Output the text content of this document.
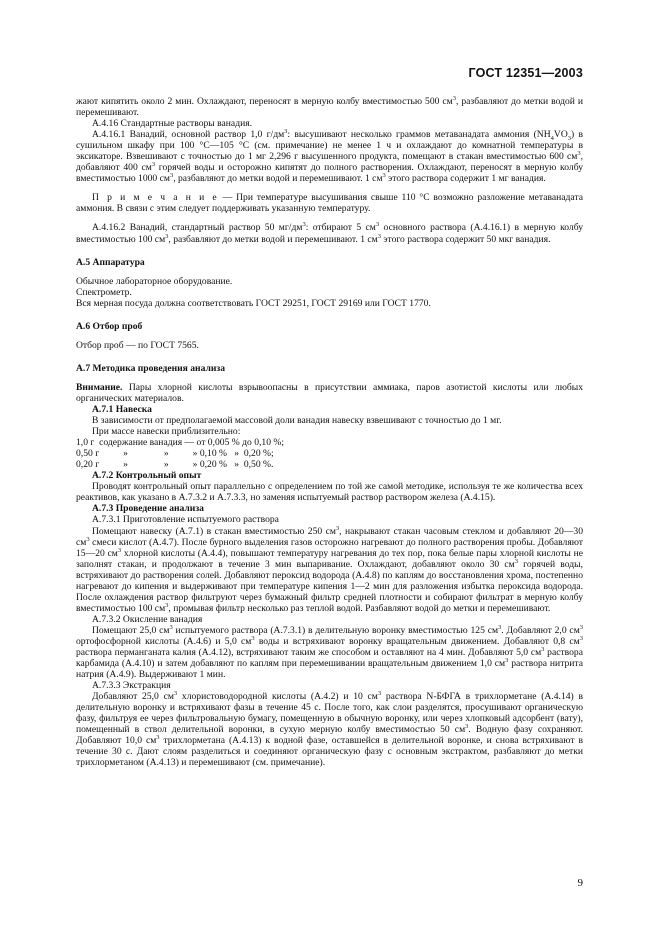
ГОСТ 12351—2003

жают кипятить около 2 мин. Охлаждают, переносят в мерную колбу вместимостью 500 $см^3$, разбавляют до метки водой и перемешивают.

А.4.16 Стандартные растворы ванадия.

А.4.16.1 Ванадий, основной раствор 1,0 $г/дм^3$: высушивают несколько граммов метаванадата аммония $(NH_4VO_3)$ в сушильном шкафу при 100 °С—105 °С (см. примечание) не менее 1 ч и охлаждают до комнатной температуры в эксикаторе. Взвешивают с точностью до 1 мг 2,296 г высушенного продукта, помещают в стакан вместимостью 600 $см^3$, добавляют 400 $см^3$ горячей воды и осторожно кипятят до полного растворения. Охлаждают, переносят в мерную колбу вместимостью 1000 $см^3$, разбавляют до метки водой и перемешивают. 1 $см^3$ этого раствора содержит 1 мг ванадия.

П р и м е ч а н и е — При температуре высушивания свыше 110 °С возможно разложение метаванадата аммония. В связи с этим следует поддерживать указанную температуру.

А.4.16.2 Ванадий, стандартный раствор 50 $мг/дм^3$: отбирают 5 $см^3$ основного раствора (А.4.16.1) в мерную колбу вместимостью 100 $см^3$, разбавляют до метки водой и перемешивают. 1 $см^3$ этого раствора содержит 50 мкг ванадия.

А.5 Аппаратура

Обычное лабораторное оборудование.

Спектрометр.

Вся мерная посуда должна соответствовать ГОСТ 29251, ГОСТ 29169 или ГОСТ 1770.

А.6 Отбор проб

Отбор проб — по ГОСТ 7565.

А.7 Методика проведения анализа

Внимание. Пары хлорной кислоты взрывоопасны в присутствии аммиака, паров азотистой кислоты или любых органических материалов.

А.7.1 Навеска

В зависимости от предполагаемой массовой доли ванадия навеску взвешивают с точностью до 1 мг.

При массе навески приблизительно:

1,0 г  содержание ванадия — от 0,005 % до 0,10 %;

0,50 г          »               »          » 0,10 %   »  0,20 %;

0,20 г          »               »          » 0,20 %   »  0,50 %.

А.7.2 Контрольный опыт

Проводят контрольный опыт параллельно с определением по той же самой методике, используя те же количества всех реактивов, как указано в А.7.3.2 и А.7.3.3, но заменяя испытуемый раствор раствором железа (А.4.15).

А.7.3 Проведение анализа

А.7.3.1 Приготовление испытуемого раствора

Помещают навеску (А.7.1) в стакан вместимостью 250 $см^3$, накрывают стакан часовым стеклом и добавляют 20—30 $см^3$ смеси кислот (А.4.7). После бурного выделения газов осторожно нагревают до полного растворения пробы. Добавляют 15—20 $см^3$ хлорной кислоты (А.4.4), повышают температуру нагревания до тех пор, пока белые пары хлорной кислоты не заполнят стакан, и продолжают в течение 3 мин выпаривание. Охлаждают, добавляют около 30 $см^3$ горячей воды, встряхивают до растворения солей. Добавляют пероксид водорода (А.4.8) по каплям до восстановления хрома, постепенно нагревают до кипения и выдерживают при температуре кипения 1—2 мин для разложения избытка пероксида водорода. После охлаждения раствор фильтруют через бумажный фильтр средней плотности и собирают фильтрат в мерную колбу вместимостью 100 $см^3$, промывая фильтр несколько раз теплой водой. Разбавляют водой до метки и перемешивают.

А.7.3.2 Окисление ванадия

Помещают 25,0 $см^3$ испытуемого раствора (А.7.3.1) в делительную воронку вместимостью 125 $см^3$. Добавляют 2,0 $см^3$ ортофосфорной кислоты (А.4.6) и 5,0 $см^3$ воды и встряхивают воронку вращательным движением. Добавляют 0,8 $см^3$ раствора перманганата калия (А.4.12), встряхивают таким же способом и оставляют на 4 мин. Добавляют 5,0 $см^3$ раствора карбамида (А.4.10) и затем добавляют по каплям при перемешивании вращательным движением 1,0 $см^3$ раствора нитрита натрия (А.4.9). Выдерживают 1 мин.

А.7.3.3 Экстракция

Добавляют 25,0 $см^3$ хлористоводородной кислоты (А.4.2) и 10 $см^3$ раствора N-БФГА в трихлорметане (А.4.14) в делительную воронку и встряхивают фазы в течение 45 с. После того, как слои разделятся, просушивают органическую фазу, фильтруя ее через фильтровальную бумагу, помещенную в обычную воронку, или через хлопковый адсорбент (вату), помещенный в ствол делительной воронки, в сухую мерную колбу вместимостью 50 $см^3$. Водную фазу сохраняют. Добавляют 10,0 $см^3$ трихлорметана (А.4.13) к водной фазе, оставшейся в делительной воронке, и снова встряхивают в течение 30 с. Дают слоям разделиться и соединяют органическую фазу с основным экстрактом, разбавляют до метки трихлорметаном (А.4.13) и перемешивают (см. примечание).

9
